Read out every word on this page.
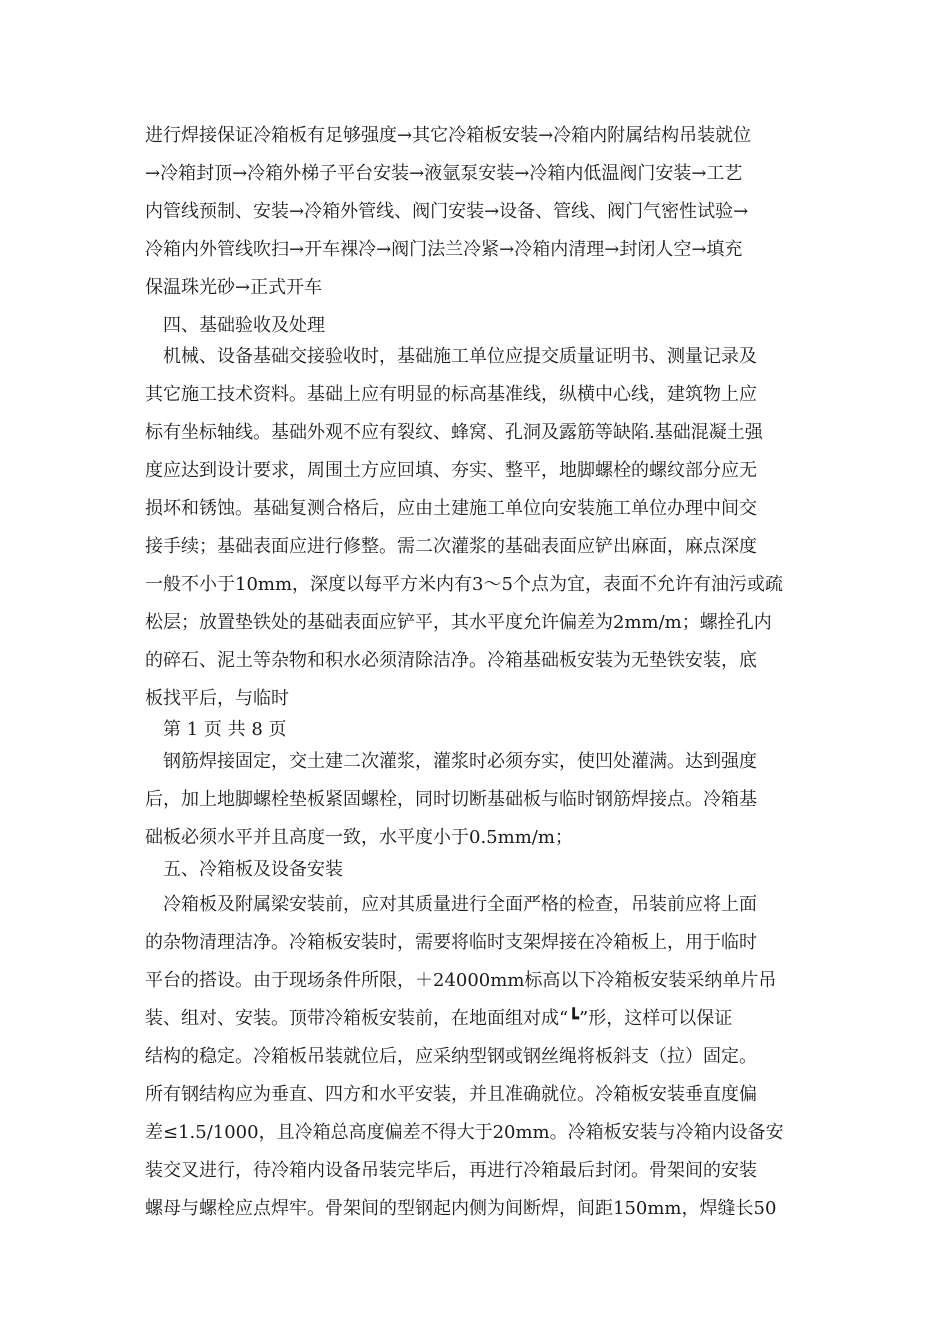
进行焊接保证冷箱板有足够强度→其它冷箱板安装→冷箱内附属结构吊装就位
→冷箱封顶→冷箱外梯子平台安装→液氩泵安装→冷箱内低温阀门安装→工艺
内管线预制、安装→冷箱外管线、阀门安装→设备、管线、阀门气密性试验→
冷箱内外管线吹扫→开车裸冷→阀门法兰冷紧→冷箱内清理→封闭人空→填充
保温珠光砂→正式开车
四、基础验收及处理
机械、设备基础交接验收时，基础施工单位应提交质量证明书、测量记录及
其它施工技术资料。基础上应有明显的标高基准线，纵横中心线，建筑物上应
标有坐标轴线。基础外观不应有裂纹、蜂窝、孔洞及露筋等缺陷.基础混凝土强
度应达到设计要求，周围土方应回填、夯实、整平，地脚螺栓的螺纹部分应无
损坏和锈蚀。基础复测合格后，应由土建施工单位向安装施工单位办理中间交
接手续；基础表面应进行修整。需二次灌浆的基础表面应铲出麻面，麻点深度
一般不小于10mm，深度以每平方米内有3～5个点为宜，表面不允许有油污或疏
松层；放置垫铁处的基础表面应铲平，其水平度允许偏差为2mm/m；螺拴孔内
的碎石、泥土等杂物和积水必须清除洁净。冷箱基础板安装为无垫铁安装，底
板找平后，与临时
第 1 页 共 8 页
钢筋焊接固定，交土建二次灌浆，灌浆时必须夯实，使凹处灌满。达到强度
后，加上地脚螺栓垫板紧固螺栓，同时切断基础板与临时钢筋焊接点。冷箱基
础板必须水平并且高度一致，水平度小于0.5mm/m；
五、冷箱板及设备安装
冷箱板及附属梁安装前，应对其质量进行全面严格的检查，吊装前应将上面
的杂物清理洁净。冷箱板安装时，需要将临时支架焊接在冷箱板上，用于临时
平台的搭设。由于现场条件所限，＋24000mm标高以下冷箱板安装采纳单片吊
装、组对、安装。顶带冷箱板安装前，在地面组对成“┗”形，这样可以保证
结构的稳定。冷箱板吊装就位后，应采纳型钢或钢丝绳将板斜支（拉）固定。
所有钢结构应为垂直、四方和水平安装，并且准确就位。冷箱板安装垂直度偏
差≤1.5/1000，且冷箱总高度偏差不得大于20mm。冷箱板安装与冷箱内设备安
装交叉进行，待冷箱内设备吊装完毕后，再进行冷箱最后封闭。骨架间的安装
螺母与螺栓应点焊牢。骨架间的型钢起内侧为间断焊，间距150mm，焊缝长50
